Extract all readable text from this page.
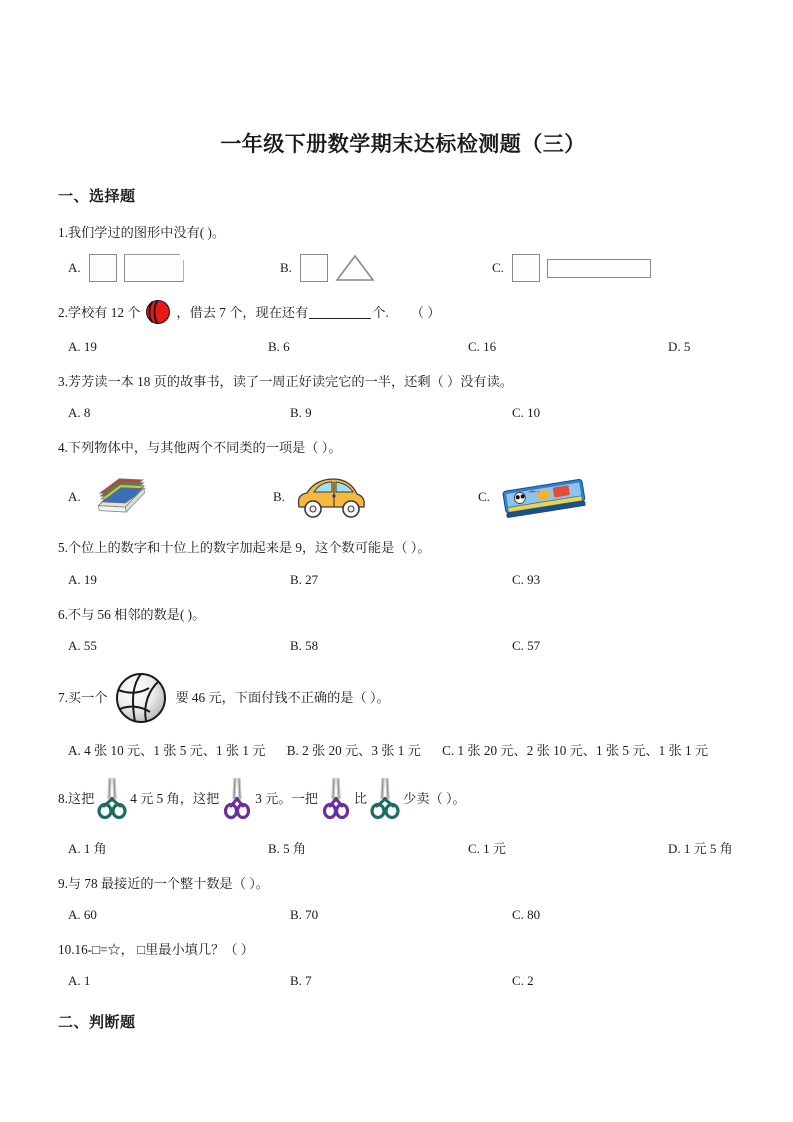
一年级下册数学期末达标检测题（三）
一、选择题
1.我们学过的图形中没有( )。
A.	B.	C.
2.学校有 12 个	，借去 7 个，现在还有	个. （ ）
A. 19	B. 6	C. 16	D. 5
3.芳芳读一本 18 页的故事书，读了一周正好读完它的一半，还剩（ ）没有读。
A. 8	B. 9	C. 10
4.下列物体中，与其他两个不同类的一项是（ ）。
A.	B.	C.
5.个位上的数字和十位上的数字加起来是 9，这个数可能是（ ）。
A. 19	B. 27	C. 93
6.不与 56 相邻的数是( )。
A. 55	B. 58	C. 57
7.买一个	要 46 元，下面付钱不正确的是（ ）。
A. 4 张 10 元、1 张 5 元、1 张 1 元 B. 2 张 20 元、3 张 1 元 C. 1 张 20 元、2 张 10 元、1 张 5 元、1 张 1 元
8.这把	4 元 5 角，这把	3 元。一把	比	少卖（ ）。
A. 1 角	B. 5 角	C. 1 元	D. 1 元 5 角
9.与 78 最接近的一个整十数是（ ）。
A. 60	B. 70	C. 80
10.16-□=☆， □里最小填几？（ ）
A. 1	B. 7	C. 2
二、判断题
